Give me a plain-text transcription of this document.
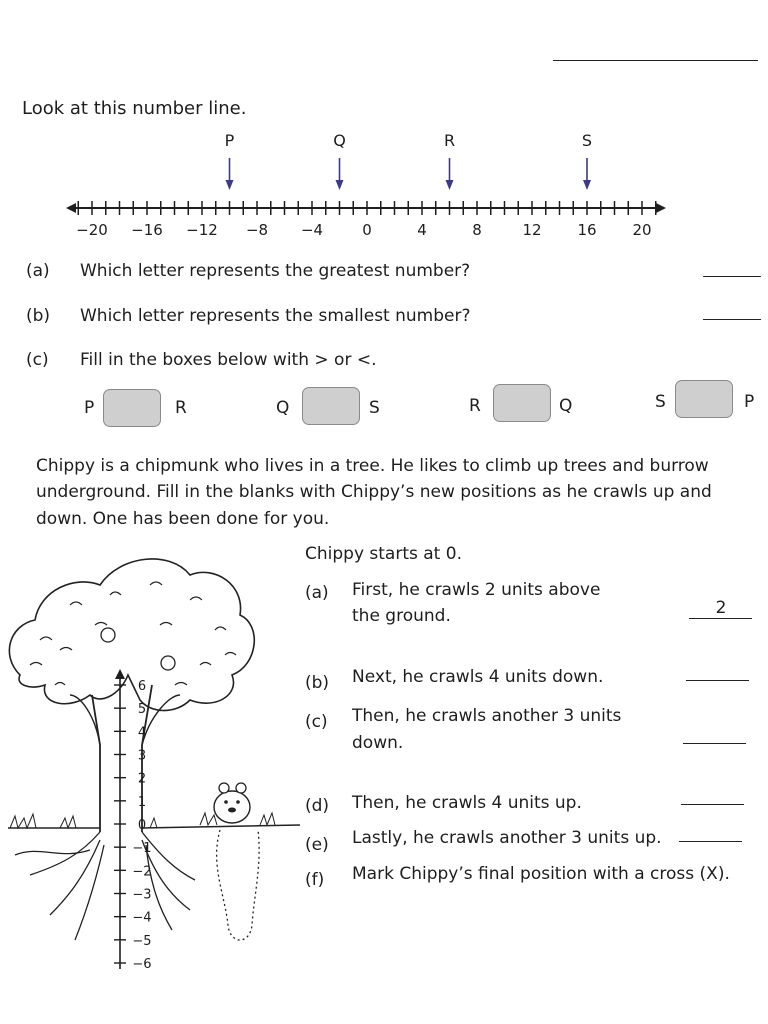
Look at this number line.
−20 −16 −12 −8 −4	0	4	8	12 16 20
P	Q	R	S
(a) Which letter represents the greatest number?
(b) Which letter represents the smallest number?
(c) Fill in the boxes below with > or <.
P	R	Q	S	R	Q	S	P
Chippy is a chipmunk who lives in a tree. He likes to climb up trees and burrow
underground. Fill in the blanks with Chippy’s new positions as he crawls up and
down. One has been done for you.
Chippy starts at 0.
(a) First, he crawls 2 units above
the ground.	2
(b) Next, he crawls 4 units down.
(c) Then, he crawls another 3 units
down.
(d) Then, he crawls 4 units up.
(e) Lastly, he crawls another 3 units up.
(f) Mark Chippy’s final position with a cross (X).
6
5
4
3
2
1
0
−1
−2
−3
−4
−5
−6
